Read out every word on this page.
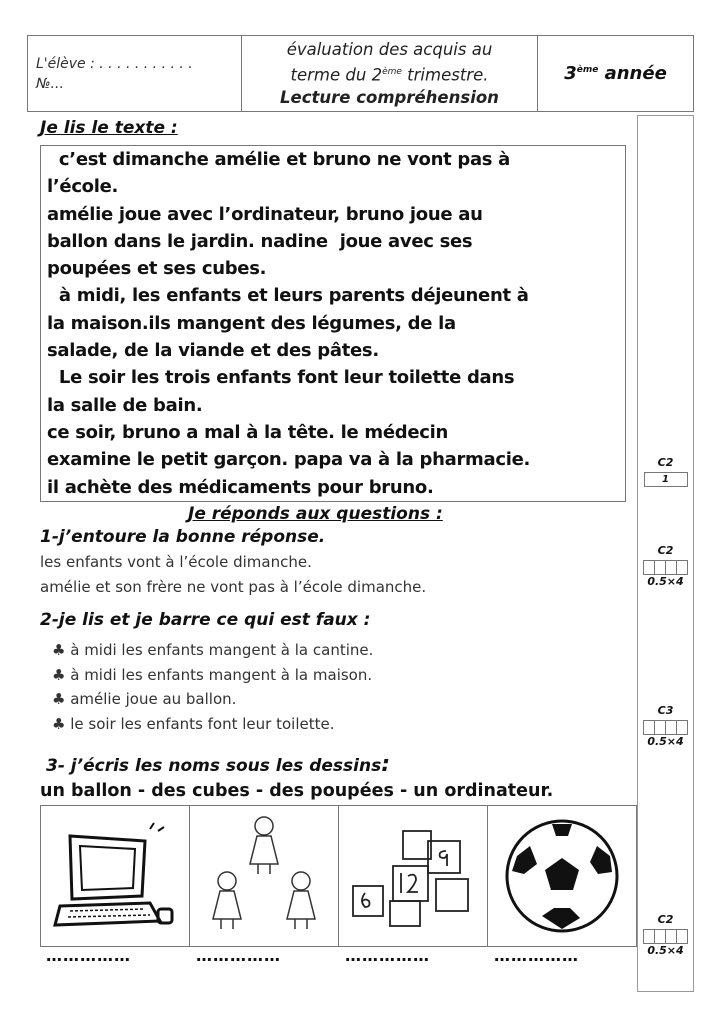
L'élève : . . . . . . . . . . .
№...
évaluation des acquis au
terme du 2ème trimestre.
Lecture compréhension
3ème année
C2
1
C2
0.5×4
C3
0.5×4
C2
0.5×4
Je lis le texte :

c’est dimanche amélie et bruno ne vont pas à

l’école.

amélie joue avec l’ordinateur, bruno joue au

ballon dans le jardin. nadine  joue avec ses

poupées et ses cubes.

à midi, les enfants et leurs parents déjeunent à

la maison.ils mangent des légumes, de la

salade, de la viande et des pâtes.

Le soir les trois enfants font leur toilette dans

la salle de bain.

ce soir, bruno a mal à la tête. le médecin

examine le petit garçon. papa va à la pharmacie.

il achète des médicaments pour bruno.

Je réponds aux questions :
1-j’entoure la bonne réponse.
les enfants vont à l’école dimanche.
amélie et son frère ne vont pas à l’école dimanche.
2-je lis et je barre ce qui est faux :
♣ à midi les enfants mangent à la cantine.
♣ à midi les enfants mangent à la maison.
♣ amélie joue au ballon.
♣ le soir les enfants font leur toilette.
3- j’écris les noms sous les dessins:
un ballon - des cubes - des poupées - un ordinateur.
……………	……………	……………	……………
